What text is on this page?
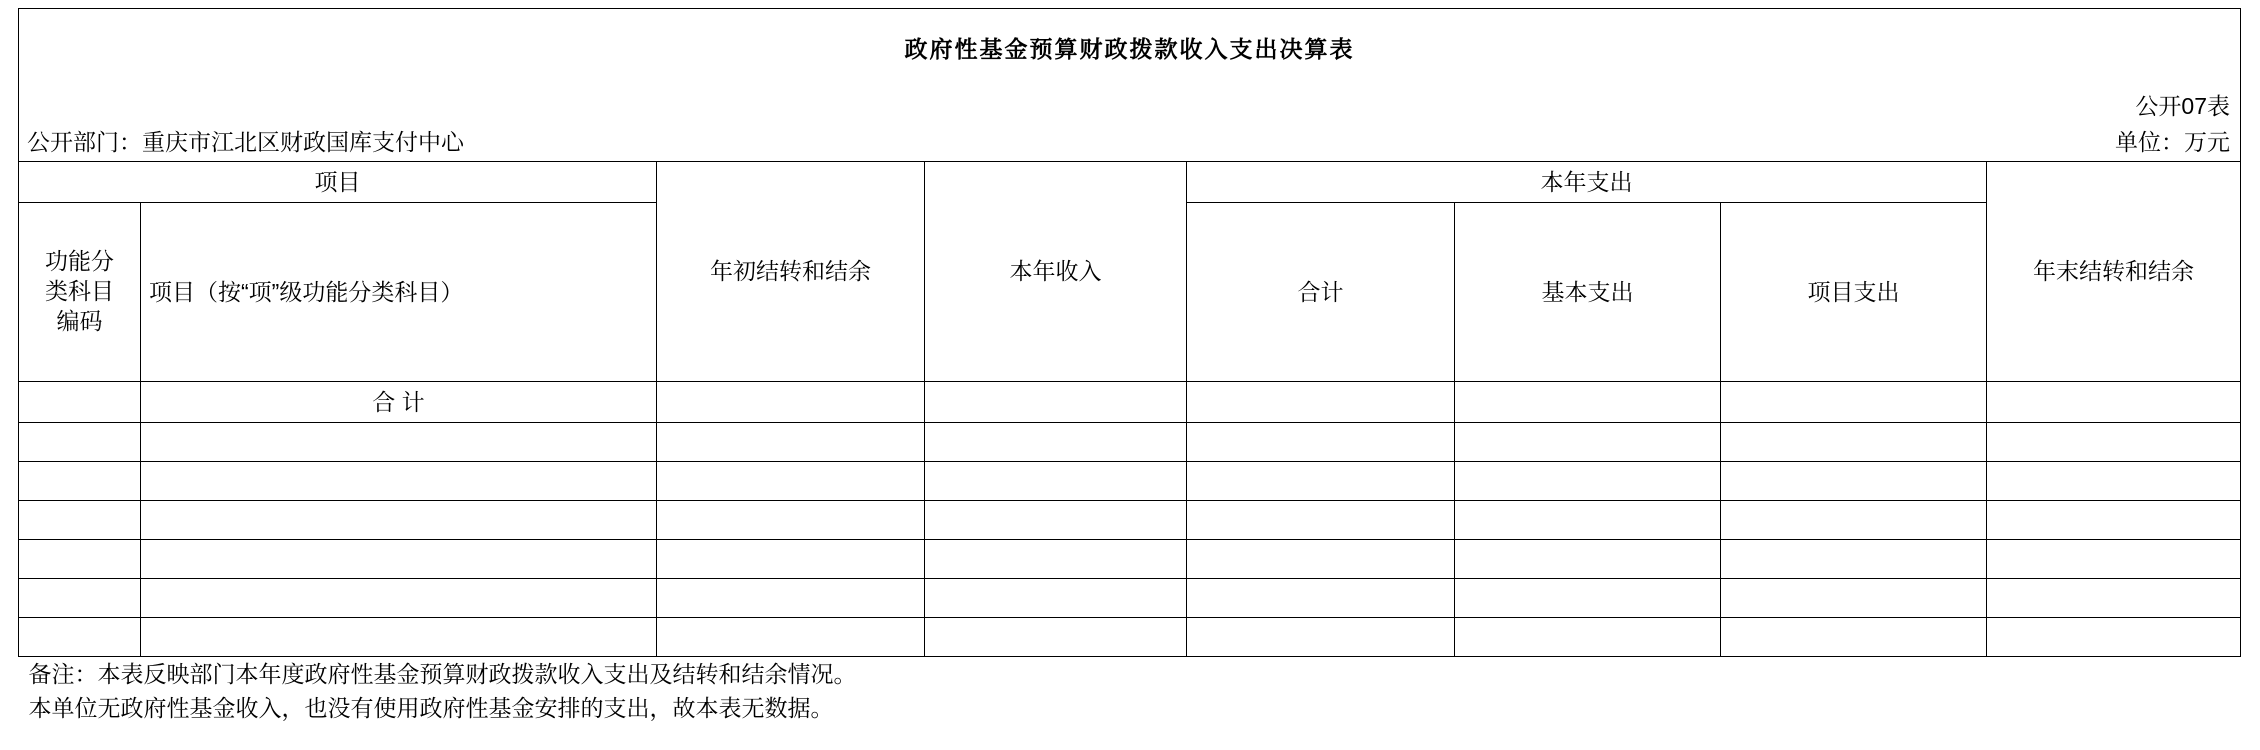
政府性基金预算财政拨款收入支出决算表							
							公开07表
公开部门：重庆市江北区财政国库支付中心							单位：万元
项目		年初结转和结余	本年收入	本年支出			年末结转和结余

功能分
类科目
编码	项目（按“项”级功能分类科目）			合计	基本支出	项目支出	
	合 计						

备注：本表反映部门本年度政府性基金预算财政拨款收入支出及结转和结余情况。							
本单位无政府性基金收入，也没有使用政府性基金安排的支出，故本表无数据。							
